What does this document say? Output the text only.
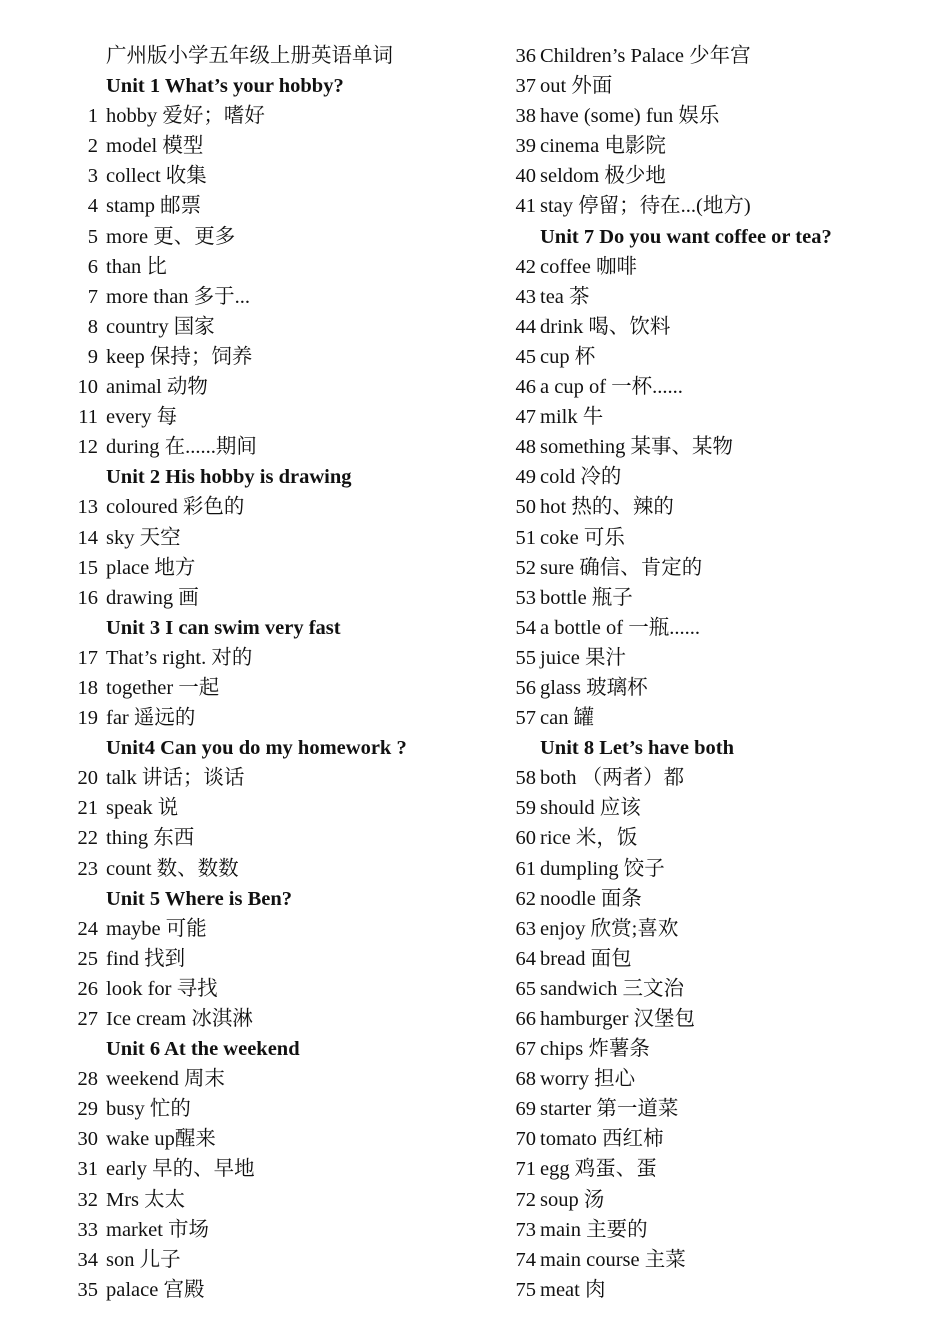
广州版小学五年级上册英语单词
Unit 1 What’s your hobby?
1 hobby 爱好；嗜好
2 model 模型
3 collect 收集
4 stamp 邮票
5 more 更、更多
6 than 比
7 more than 多于...
8 country 国家
9 keep 保持；饲养
10 animal 动物
11 every 每
12 during 在......期间
Unit 2 His hobby is drawing
13 coloured 彩色的
14 sky 天空
15 place 地方
16 drawing 画
Unit 3 I can swim very fast
17 That’s right. 对的
18 together 一起
19 far 遥远的
Unit4 Can you do my homework ?
20 talk 讲话；谈话
21 speak 说
22 thing 东西
23 count 数、数数
Unit 5 Where is Ben?
24 maybe 可能
25 find 找到
26 look for 寻找
27 Ice cream 冰淇淋
Unit 6 At the weekend
28 weekend 周末
29 busy 忙的
30 wake up醒来
31 early 早的、早地
32 Mrs 太太
33 market 市场
34 son 儿子
35 palace 宫殿
36 Children’s Palace 少年宫
37 out 外面
38 have (some) fun 娱乐
39 cinema 电影院
40 seldom 极少地
41 stay 停留；待在...(地方)
Unit 7 Do you want coffee or tea?
42 coffee 咖啡
43 tea 茶
44 drink 喝、饮料
45 cup 杯
46 a cup of 一杯......
47 milk 牛
48 something 某事、某物
49 cold 冷的
50 hot 热的、辣的
51 coke 可乐
52 sure 确信、肯定的
53 bottle 瓶子
54 a bottle of 一瓶......
55 juice 果汁
56 glass 玻璃杯
57 can 罐
Unit 8 Let’s have both
58 both （两者）都
59 should 应该
60 rice 米，饭
61 dumpling 饺子
62 noodle 面条
63 enjoy 欣赏;喜欢
64 bread 面包
65 sandwich 三文治
66 hamburger 汉堡包
67 chips 炸薯条
68 worry 担心
69 starter 第一道菜
70 tomato 西红柿
71 egg 鸡蛋、蛋
72 soup 汤
73 main 主要的
74 main course 主菜
75 meat 肉
